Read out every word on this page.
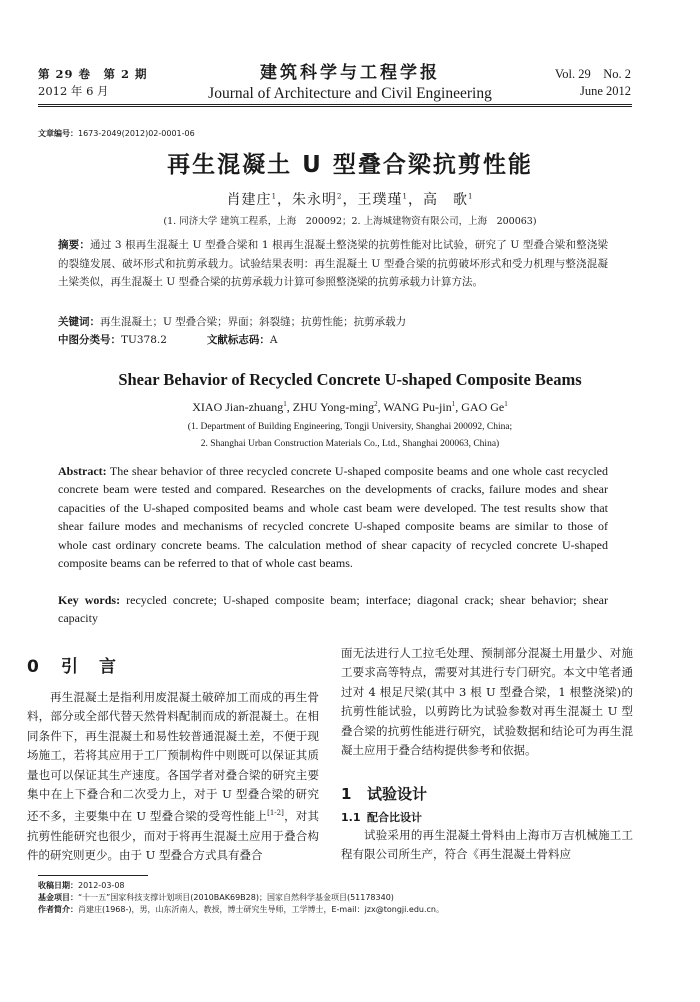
第 29 卷　第 2 期
2012 年 6 月
建筑科学与工程学报
Journal of Architecture and Civil Engineering
Vol. 29　No. 2
June 2012
文章编号：1673-2049(2012)02-0001-06
再生混凝土 U 型叠合梁抗剪性能
肖建庄$^1$，朱永明$^2$，王璞瑾$^1$，高　歌$^1$
(1. 同济大学 建筑工程系，上海　200092；2. 上海城建物资有限公司，上海　200063)
摘要：通过 3 根再生混凝土 U 型叠合梁和 1 根再生混凝土整浇梁的抗剪性能对比试验，研究了 U 型叠合梁和整浇梁的裂缝发展、破坏形式和抗剪承载力。试验结果表明：再生混凝土 U 型叠合梁的抗剪破坏形式和受力机理与整浇混凝土梁类似，再生混凝土 U 型叠合梁的抗剪承载力计算可参照整浇梁的抗剪承载力计算方法。
关键词：再生混凝土；U 型叠合梁；界面；斜裂缝；抗剪性能；抗剪承载力
中图分类号：TU378.2	文献标志码：A
Shear Behavior of Recycled Concrete U-shaped Composite Beams
XIAO Jian-zhuang$^1$, ZHU Yong-ming$^2$, WANG Pu-jin$^1$, GAO Ge$^1$
(1. Department of Building Engineering, Tongji University, Shanghai 200092, China;
2. Shanghai Urban Construction Materials Co., Ltd., Shanghai 200063, China)
Abstract: The shear behavior of three recycled concrete U-shaped composite beams and one whole cast recycled concrete beam were tested and compared. Researches on the developments of cracks, failure modes and shear capacities of the U-shaped composited beams and whole cast beam were developed. The test results show that shear failure modes and mechanisms of recycled concrete U-shaped composite beams are similar to those of whole cast ordinary concrete beams. The calculation method of shear capacity of recycled concrete U-shaped composite beams can be referred to that of whole cast beams.
Key words: recycled concrete; U-shaped composite beam; interface; diagonal crack; shear behavior; shear capacity
0 引　言

再生混凝土是指利用废混凝土破碎加工而成的再生骨料，部分或全部代替天然骨料配制而成的新混凝土。在相同条件下，再生混凝土和易性较普通混凝土差，不便于现场施工，若将其应用于工厂预制构件中则既可以保证其质量也可以保证其生产速度。各国学者对叠合梁的研究主要集中在上下叠合和二次受力上，对于 U 型叠合梁的研究还不多，主要集中在 U 型叠合梁的受弯性能上[1-2]，对其抗剪性能研究也很少，而对于将再生混凝土应用于叠合构件的研究则更少。由于 U 型叠合方式具有叠合

面无法进行人工拉毛处理、预制部分混凝土用量少、对施工要求高等特点，需要对其进行专门研究。本文中笔者通过对 4 根足尺梁(其中 3 根 U 型叠合梁，1 根整浇梁)的抗剪性能试验，以剪跨比为试验参数对再生混凝土 U 型叠合梁的抗剪性能进行研究，试验数据和结论可为再生混凝土应用于叠合结构提供参考和依据。
1 试验设计
1.1 配合比设计

试验采用的再生混凝土骨料由上海市万吉机械施工工程有限公司所生产，符合《再生混凝土骨料应

收稿日期：2012-03-08
基金项目：“十一五”国家科技支撑计划项目(2010BAK69B28)；国家自然科学基金项目(51178340)
作者简介：肖建庄(1968-)，男，山东沂南人，教授，博士研究生导师，工学博士，E-mail：jzx@tongji.edu.cn。
